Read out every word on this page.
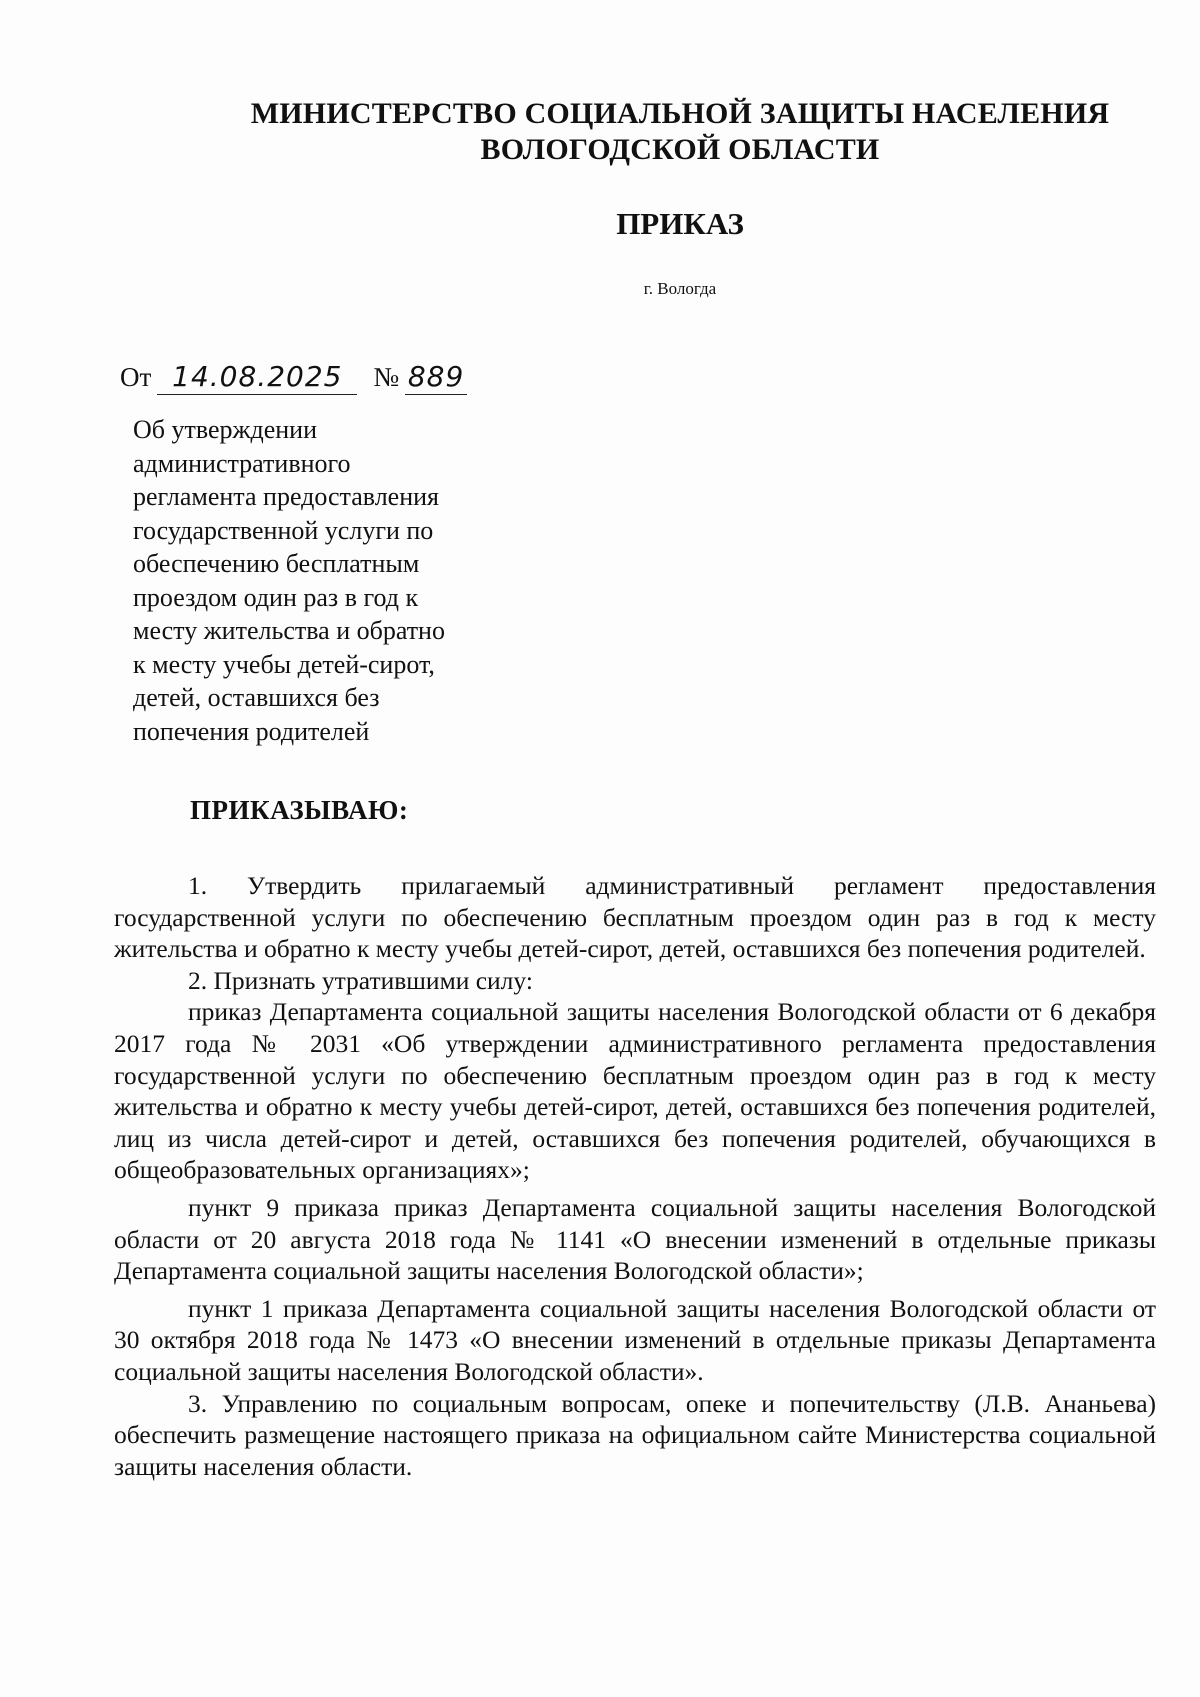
МИНИСТЕРСТВО СОЦИАЛЬНОЙ ЗАЩИТЫ НАСЕЛЕНИЯ
ВОЛОГОДСКОЙ ОБЛАСТИ
ПРИКАЗ
г. Вологда
От 14.08.2025 № 889
Об утверждении
административного
регламента предоставления
государственной услуги по
обеспечению бесплатным
проездом один раз в год к
месту жительства и обратно
к месту учебы детей-сирот,
детей, оставшихся без
попечения родителей
ПРИКАЗЫВАЮ:

1. Утвердить прилагаемый административный регламент предоставления государственной услуги по обеспечению бесплатным проездом один раз в год к месту жительства и обратно к месту учебы детей-сирот, детей, оставшихся без попечения родителей.

2. Признать утратившими силу:

приказ Департамента социальной защиты населения Вологодской области от 6 декабря 2017 года № 2031 «Об утверждении административного регламента предоставления государственной услуги по обеспечению бесплатным проездом один раз в год к месту жительства и обратно к месту учебы детей-сирот, детей, оставшихся без попечения родителей, лиц из числа детей-сирот и детей, оставшихся без попечения родителей, обучающихся в общеобразовательных организациях»;

пункт 9 приказа приказ Департамента социальной защиты населения Вологодской области от 20 августа 2018 года № 1141 «О внесении изменений в отдельные приказы Департамента социальной защиты населения Вологодской области»;

пункт 1 приказа Департамента социальной защиты населения Вологодской области от 30 октября 2018 года № 1473 «О внесении изменений в отдельные приказы Департамента социальной защиты населения Вологодской области».

3. Управлению по социальным вопросам, опеке и попечительству (Л.В. Ананьева) обеспечить размещение настоящего приказа на официальном сайте Министерства социальной защиты населения области.
